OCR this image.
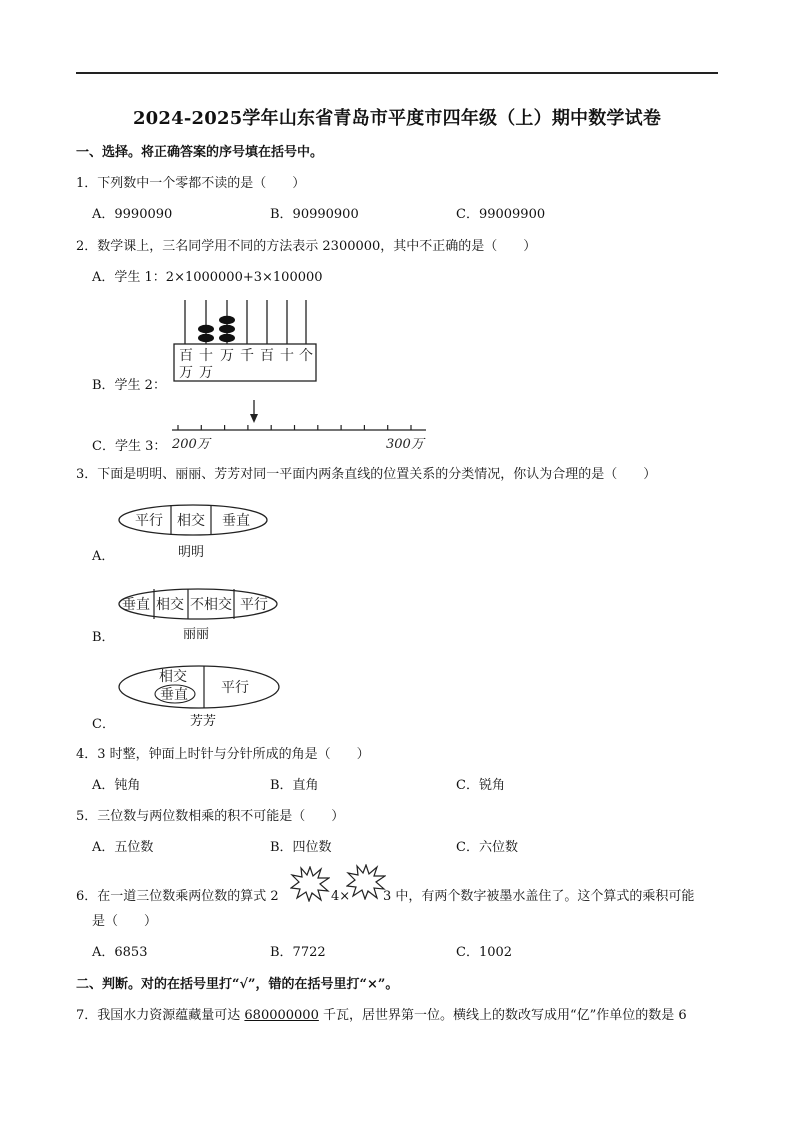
2024-2025学年山东省青岛市平度市四年级（上）期中数学试卷
一、选择。将正确答案的序号填在括号中。
1．下列数中一个零都不读的是（　　）
A．9990090	B．90990900	C．99009900
2．数学课上，三名同学用不同的方法表示 2300000，其中不正确的是（　　）
A．学生 1：2×1000000+3×100000
百
万
十
万
万 千 百 十 个
B．学生 2：
200万	300万
C．学生 3：
3．下面是明明、丽丽、芳芳对同一平面内两条直线的位置关系的分类情况，你认为合理的是（　　）
平行 相交 垂直
明明
A．
垂直 相交 不相交 平行
丽丽
B．
相交
垂直 平行
芳芳
C．
4．3 时整，钟面上时针与分针所成的角是（　　）
A．钝角	B．直角	C．锐角
5．三位数与两位数相乘的积不可能是（　　）
A．五位数	B．四位数	C．六位数
6．在一道三位数乘两位数的算式 2	4×	3 中，有两个数字被墨水盖住了。这个算式的乘积可能
是（　　）
A．6853	B．7722	C．1002
二、判断。对的在括号里打“√”，错的在括号里打“×”。
7．我国水力资源蕴藏量可达 680000000 千瓦，居世界第一位。横线上的数改写成用“亿”作单位的数是 6
